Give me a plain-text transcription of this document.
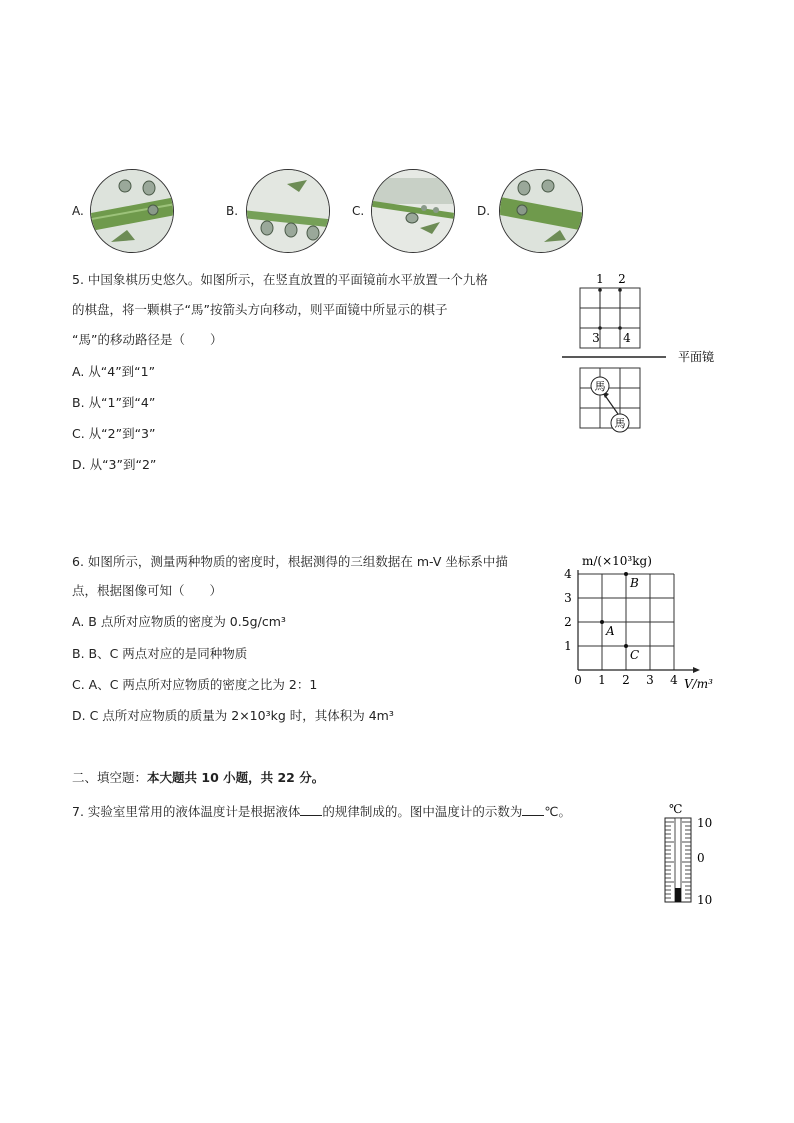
A.	B.	C.	D.
5. 中国象棋历史悠久。如图所示，在竖直放置的平面镜前水平放置一个九格
的棋盘，将一颗棋子“馬”按箭头方向移动，则平面镜中所显示的棋子
“馬”的移动路径是（　　）
A. 从“4”到“1”
B. 从“1”到“4”
C. 从“2”到“3”
D. 从“3”到“2”
1 2
3 4
平面镜
馬
馬
6. 如图所示，测量两种物质的密度时，根据测得的三组数据在 m-V 坐标系中描
点，根据图像可知（　　）
A. B 点所对应物质的密度为 0.5g/cm³
B. B、C 两点对应的是同种物质
C. A、C 两点所对应物质的密度之比为 2：1
D. C 点所对应物质的质量为 2×10³kg 时，其体积为 4m³
V/m³
m/(×10³kg)
0 1 2 3 4
1
2
3
4
A
B
C
二、填空题：本大题共 10 小题，共 22 分。
7. 实验室里常用的液体温度计是根据液体 的规律制成的。图中温度计的示数为 ℃。	℃
10
0
10
